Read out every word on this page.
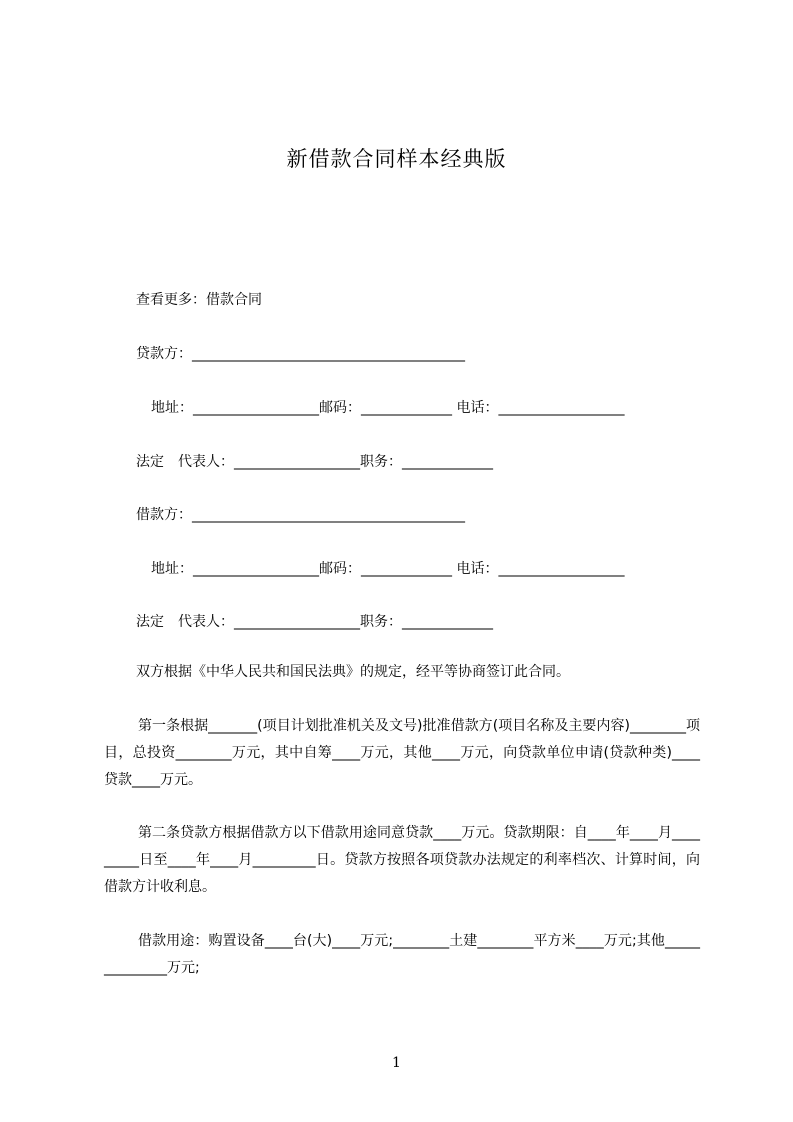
新借款合同样本经典版
查看更多：借款合同
贷款方：_______________________________________
地址：__________________邮码：_____________ 电话：__________________
法定　代表人：__________________职务：_____________
借款方：_______________________________________
地址：__________________邮码：_____________ 电话：__________________
法定　代表人：__________________职务：_____________
双方根据《中华人民共和国民法典》的规定，经平等协商签订此合同。
第一条根据_______(项目计划批准机关及文号)批准借款方(项目名称及主要内容)________项目，总投资________万元，其中自筹____万元，其他____万元，向贷款单位申请(贷款种类)____贷款____万元。
第二条贷款方根据借款方以下借款用途同意贷款____万元。贷款期限：自____年____月_________日至____年____月_________日。贷款方按照各项贷款办法规定的利率档次、计算时间，向借款方计收利息。
借款用途：购置设备____台(大)____万元;________土建________平方米____万元;其他______________万元;
1
